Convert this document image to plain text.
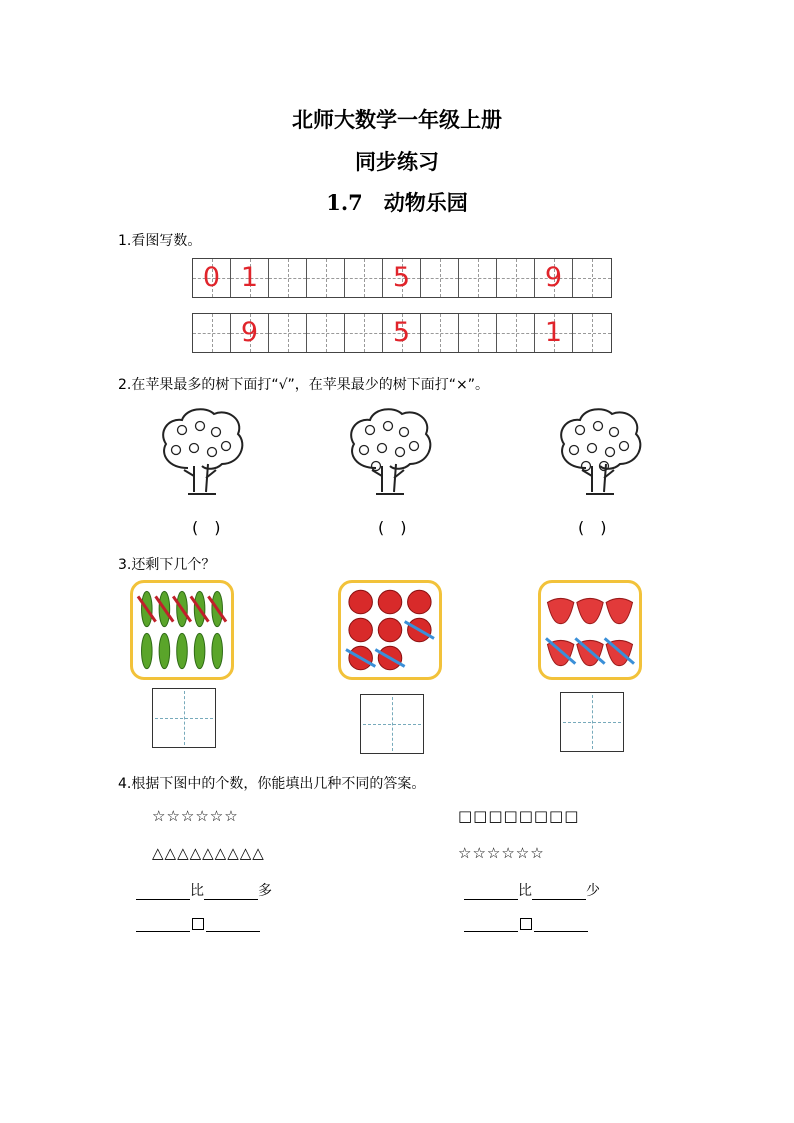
北师大数学一年级上册
同步练习
1.7　动物乐园
1.看图写数。
0 1	5	9
9	5	1
2.在苹果最多的树下面打“√”，在苹果最少的树下面打“×”。
(　)	(　)	(　)
3.还剩下几个？
4.根据下图中的个数，你能填出几种不同的答案。
☆☆☆☆☆☆
△△△△△△△△△
□□□□□□□□
☆☆☆☆☆☆
比	多	比	少
